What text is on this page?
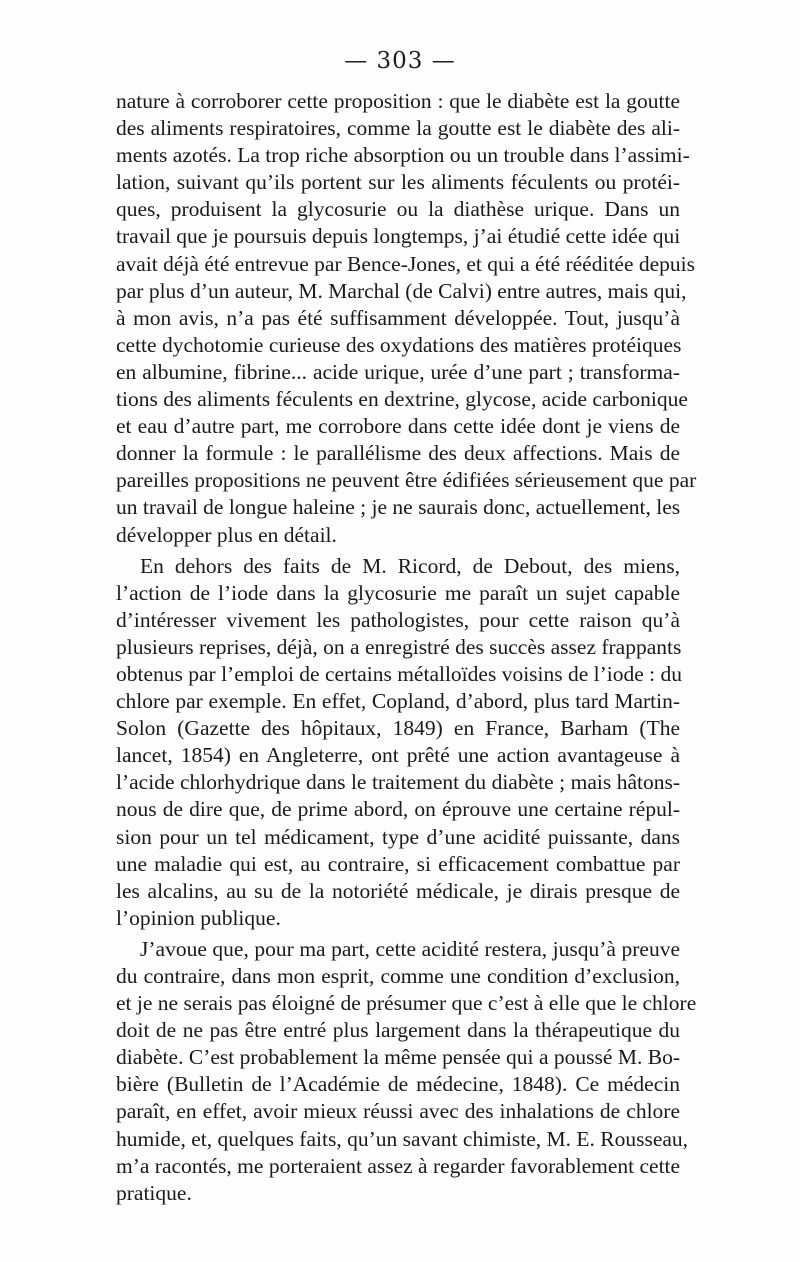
— 303 —
nature à corroborer cette proposition : que le diabète est la goutte
des aliments respiratoires, comme la goutte est le diabète des ali-
ments azotés. La trop riche absorption ou un trouble dans l’assimi-
lation, suivant qu’ils portent sur les aliments féculents ou protéi-
ques, produisent la glycosurie ou la diathèse urique. Dans un
travail que je poursuis depuis longtemps, j’ai étudié cette idée qui
avait déjà été entrevue par Bence-Jones, et qui a été rééditée depuis
par plus d’un auteur, M. Marchal (de Calvi) entre autres, mais qui,
à mon avis, n’a pas été suffisamment développée. Tout, jusqu’à
cette dychotomie curieuse des oxydations des matières protéiques
en albumine, fibrine... acide urique, urée d’une part ; transforma-
tions des aliments féculents en dextrine, glycose, acide carbonique
et eau d’autre part, me corrobore dans cette idée dont je viens de
donner la formule : le parallélisme des deux affections. Mais de
pareilles propositions ne peuvent être édifiées sérieusement que par
un travail de longue haleine ; je ne saurais donc, actuellement, les
développer plus en détail.
En dehors des faits de M. Ricord, de Debout, des miens,
l’action de l’iode dans la glycosurie me paraît un sujet capable
d’intéresser vivement les pathologistes, pour cette raison qu’à
plusieurs reprises, déjà, on a enregistré des succès assez frappants
obtenus par l’emploi de certains métalloïdes voisins de l’iode : du
chlore par exemple. En effet, Copland, d’abord, plus tard Martin-
Solon (Gazette des hôpitaux, 1849) en France, Barham (The
lancet, 1854) en Angleterre, ont prêté une action avantageuse à
l’acide chlorhydrique dans le traitement du diabète ; mais hâtons-
nous de dire que, de prime abord, on éprouve une certaine répul-
sion pour un tel médicament, type d’une acidité puissante, dans
une maladie qui est, au contraire, si efficacement combattue par
les alcalins, au su de la notoriété médicale, je dirais presque de
l’opinion publique.
J’avoue que, pour ma part, cette acidité restera, jusqu’à preuve
du contraire, dans mon esprit, comme une condition d’exclusion,
et je ne serais pas éloigné de présumer que c’est à elle que le chlore
doit de ne pas être entré plus largement dans la thérapeutique du
diabète. C’est probablement la même pensée qui a poussé M. Bo-
bière (Bulletin de l’Académie de médecine, 1848). Ce médecin
paraît, en effet, avoir mieux réussi avec des inhalations de chlore
humide, et, quelques faits, qu’un savant chimiste, M. E. Rousseau,
m’a racontés, me porteraient assez à regarder favorablement cette
pratique.
